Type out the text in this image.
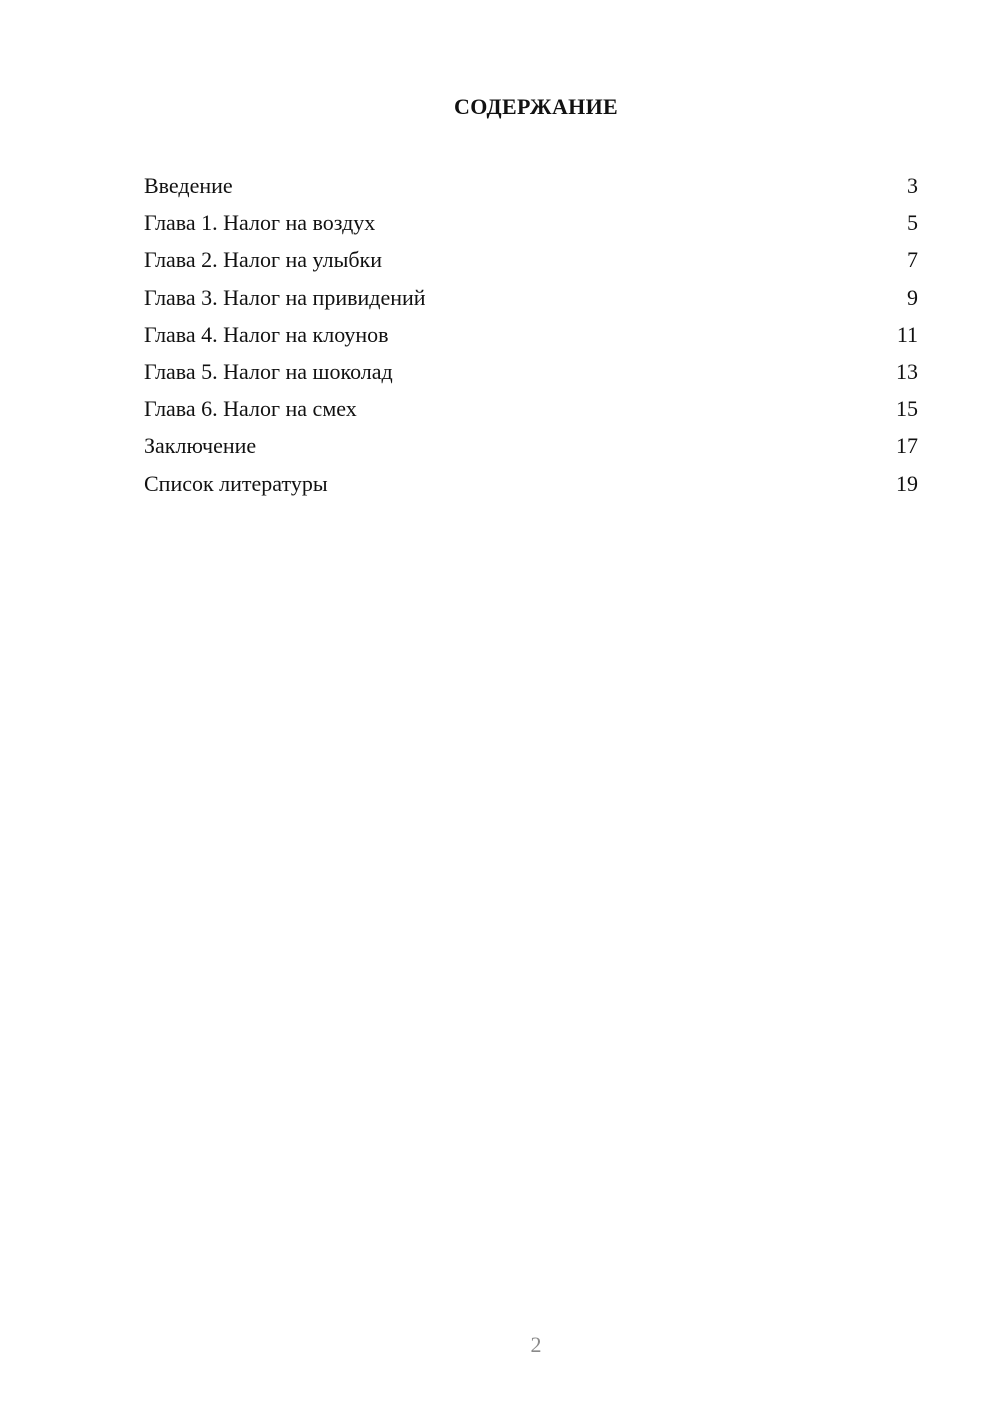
СОДЕРЖАНИЕ
Введение	3
Глава 1. Налог на воздух	5
Глава 2. Налог на улыбки	7
Глава 3. Налог на привидений	9
Глава 4. Налог на клоунов	11
Глава 5. Налог на шоколад	13
Глава 6. Налог на смех	15
Заключение	17
Список литературы	19
2
